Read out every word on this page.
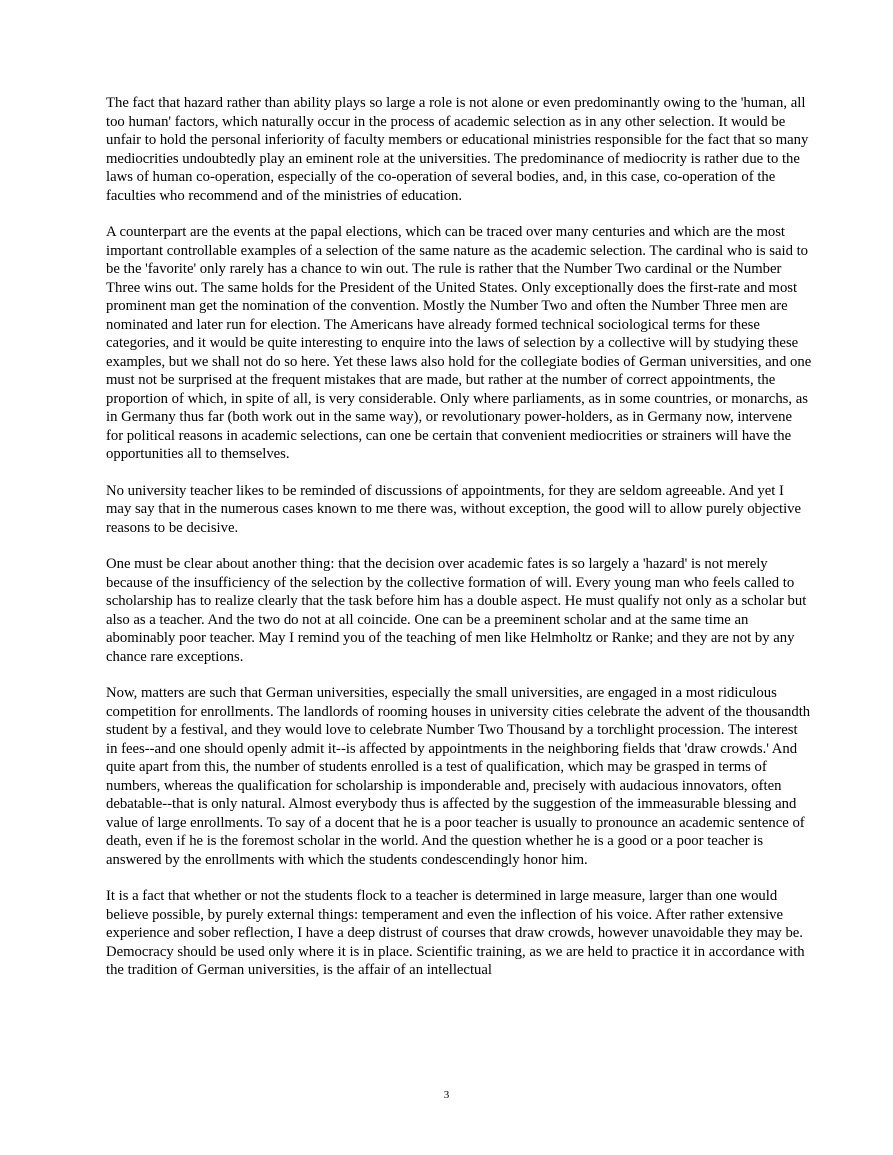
The fact that hazard rather than ability plays so large a role is not alone or even predominantly owing to the 'human, all too human' factors, which naturally occur in the process of academic selection as in any other selection. It would be unfair to hold the personal inferiority of faculty members or educational ministries responsible for the fact that so many mediocrities undoubtedly play an eminent role at the universities. The predominance of mediocrity is rather due to the laws of human co-operation, especially of the co-operation of several bodies, and, in this case, co-operation of the faculties who recommend and of the ministries of education.

A counterpart are the events at the papal elections, which can be traced over many centuries and which are the most important controllable examples of a selection of the same nature as the academic selection. The cardinal who is said to be the 'favorite' only rarely has a chance to win out. The rule is rather that the Number Two cardinal or the Number Three wins out. The same holds for the President of the United States. Only exceptionally does the first-rate and most prominent man get the nomination of the convention. Mostly the Number Two and often the Number Three men are nominated and later run for election. The Americans have already formed technical sociological terms for these categories, and it would be quite interesting to enquire into the laws of selection by a collective will by studying these examples, but we shall not do so here. Yet these laws also hold for the collegiate bodies of German universities, and one must not be surprised at the frequent mistakes that are made, but rather at the number of correct appointments, the proportion of which, in spite of all, is very considerable. Only where parliaments, as in some countries, or monarchs, as in Germany thus far (both work out in the same way), or revolutionary power-holders, as in Germany now, intervene for political reasons in academic selections, can one be certain that convenient mediocrities or strainers will have the opportunities all to themselves.

No university teacher likes to be reminded of discussions of appointments, for they are seldom agreeable. And yet I may say that in the numerous cases known to me there was, without exception, the good will to allow purely objective reasons to be decisive.

One must be clear about another thing: that the decision over academic fates is so largely a 'hazard' is not merely because of the insufficiency of the selection by the collective formation of will. Every young man who feels called to scholarship has to realize clearly that the task before him has a double aspect. He must qualify not only as a scholar but also as a teacher. And the two do not at all coincide. One can be a preeminent scholar and at the same time an abominably poor teacher. May I remind you of the teaching of men like Helmholtz or Ranke; and they are not by any chance rare exceptions.

Now, matters are such that German universities, especially the small universities, are engaged in a most ridiculous competition for enrollments. The landlords of rooming houses in university cities celebrate the advent of the thousandth student by a festival, and they would love to celebrate Number Two Thousand by a torchlight procession. The interest in fees--and one should openly admit it--is affected by appointments in the neighboring fields that 'draw crowds.' And quite apart from this, the number of students enrolled is a test of qualification, which may be grasped in terms of numbers, whereas the qualification for scholarship is imponderable and, precisely with audacious innovators, often debatable--that is only natural. Almost everybody thus is affected by the suggestion of the immeasurable blessing and value of large enrollments. To say of a docent that he is a poor teacher is usually to pronounce an academic sentence of death, even if he is the foremost scholar in the world. And the question whether he is a good or a poor teacher is answered by the enrollments with which the students condescendingly honor him.

It is a fact that whether or not the students flock to a teacher is determined in large measure, larger than one would believe possible, by purely external things: temperament and even the inflection of his voice. After rather extensive experience and sober reflection, I have a deep distrust of courses that draw crowds, however unavoidable they may be. Democracy should be used only where it is in place. Scientific training, as we are held to practice it in accordance with the tradition of German universities, is the affair of an intellectual

3
